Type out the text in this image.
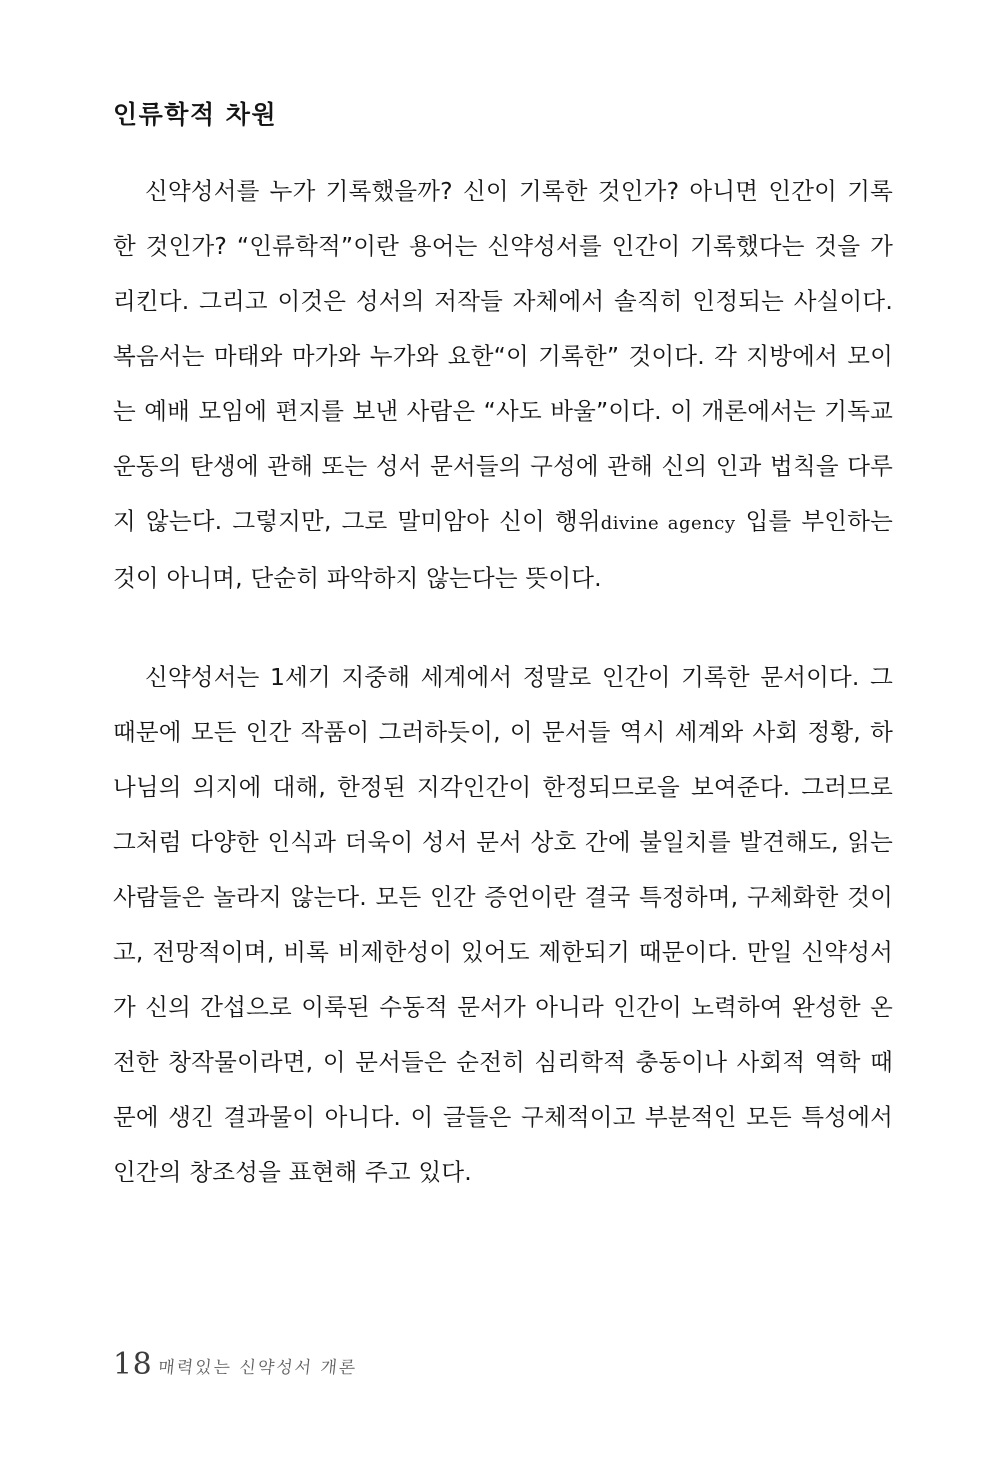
인류학적 차원

신약성서를 누가 기록했을까? 신이 기록한 것인가? 아니면 인간이 기록한 것인가? “인류학적”이란 용어는 신약성서를 인간이 기록했다는 것을 가리킨다. 그리고 이것은 성서의 저작들 자체에서 솔직히 인정되는 사실이다. 복음서는 마태와 마가와 누가와 요한“이 기록한” 것이다. 각 지방에서 모이는 예배 모임에 편지를 보낸 사람은 “사도 바울”이다. 이 개론에서는 기독교 운동의 탄생에 관해 또는 성서 문서들의 구성에 관해 신의 인과 법칙을 다루지 않는다. 그렇지만, 그로 말미암아 신이 행위divine agency 입를 부인하는 것이 아니며, 단순히 파악하지 않는다는 뜻이다.

신약성서는 1세기 지중해 세계에서 정말로 인간이 기록한 문서이다. 그 때문에 모든 인간 작품이 그러하듯이, 이 문서들 역시 세계와 사회 정황, 하나님의 의지에 대해, 한정된 지각인간이 한정되므로을 보여준다. 그러므로 그처럼 다양한 인식과 더욱이 성서 문서 상호 간에 불일치를 발견해도, 읽는 사람들은 놀라지 않는다. 모든 인간 증언이란 결국 특정하며, 구체화한 것이고, 전망적이며, 비록 비제한성이 있어도 제한되기 때문이다. 만일 신약성서가 신의 간섭으로 이룩된 수동적 문서가 아니라 인간이 노력하여 완성한 온전한 창작물이라면, 이 문서들은 순전히 심리학적 충동이나 사회적 역학 때문에 생긴 결과물이 아니다. 이 글들은 구체적이고 부분적인 모든 특성에서 인간의 창조성을 표현해 주고 있다.

18 매력있는 신약성서 개론
